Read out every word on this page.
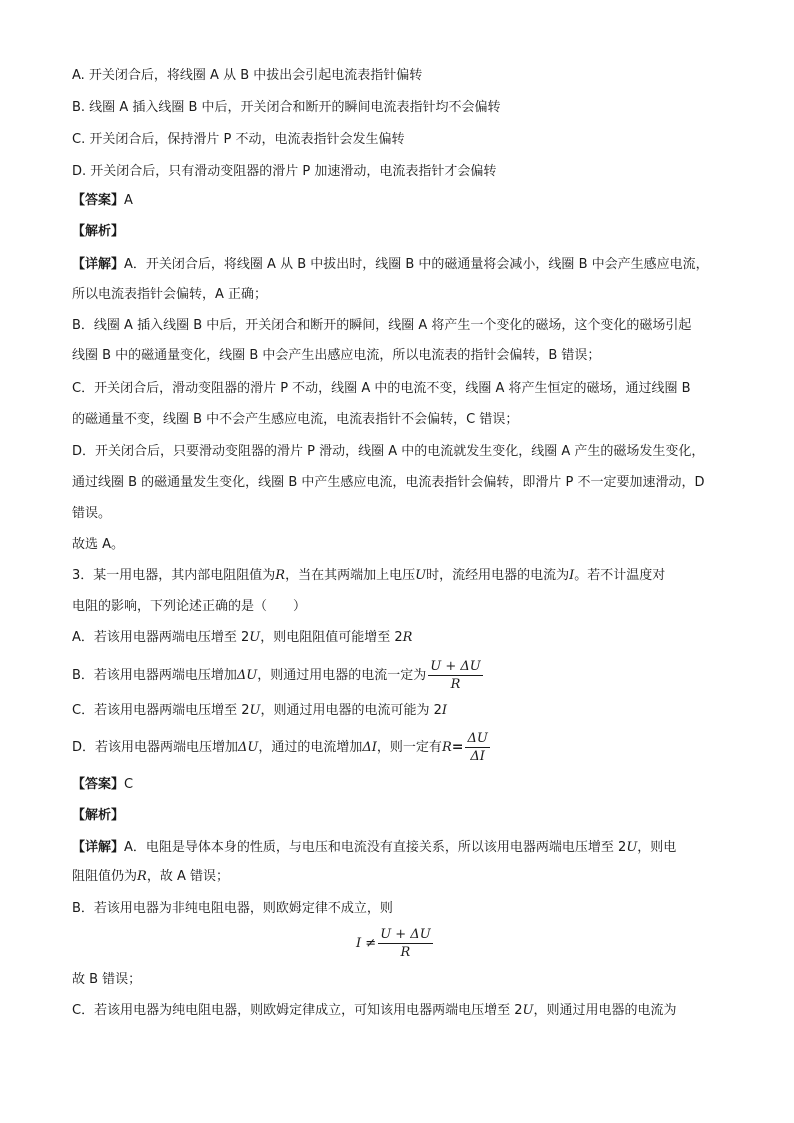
A. 开关闭合后，将线圈 A 从 B 中拔出会引起电流表指针偏转
B. 线圈 A 插入线圈 B 中后，开关闭合和断开的瞬间电流表指针均不会偏转
C. 开关闭合后，保持滑片 P 不动，电流表指针会发生偏转
D. 开关闭合后，只有滑动变阻器的滑片 P 加速滑动，电流表指针才会偏转
【答案】A
【解析】
【详解】A．开关闭合后，将线圈 A 从 B 中拔出时，线圈 B 中的磁通量将会减小，线圈 B 中会产生感应电流，
所以电流表指针会偏转，A 正确；
B．线圈 A 插入线圈 B 中后，开关闭合和断开的瞬间，线圈 A 将产生一个变化的磁场，这个变化的磁场引起
线圈 B 中的磁通量变化，线圈 B 中会产生出感应电流，所以电流表的指针会偏转，B 错误；
C．开关闭合后，滑动变阻器的滑片 P 不动，线圈 A 中的电流不变，线圈 A 将产生恒定的磁场，通过线圈 B
的磁通量不变，线圈 B 中不会产生感应电流，电流表指针不会偏转，C 错误；
D．开关闭合后，只要滑动变阻器的滑片 P 滑动，线圈 A 中的电流就发生变化，线圈 A 产生的磁场发生变化，
通过线圈 B 的磁通量发生变化，线圈 B 中产生感应电流，电流表指针会偏转，即滑片 P 不一定要加速滑动，D
错误。
故选 A。
3．某一用电器，其内部电阻阻值为R，当在其两端加上电压U时，流经用电器的电流为I。若不计温度对
电阻的影响，下列论述正确的是（　　）
A．若该用电器两端电压增至 2U，则电阻阻值可能增至 2R
B．若该用电器两端电压增加ΔU，则通过用电器的电流一定为 $\frac{U + \Delta U}{R}$
C．若该用电器两端电压增至 2U，则通过用电器的电流可能为 2I
D．若该用电器两端电压增加ΔU，通过的电流增加ΔI，则一定有$R= \frac{\Delta U}{\Delta I}$
【答案】C
【解析】
【详解】A．电阻是导体本身的性质，与电压和电流没有直接关系，所以该用电器两端电压增至 2U，则电
阻阻值仍为R，故 A 错误；
B．若该用电器为非纯电阻电器，则欧姆定律不成立，则
$I \ne \frac{U + \Delta U}{R}$
故 B 错误；
C．若该用电器为纯电阻电器，则欧姆定律成立，可知该用电器两端电压增至 2U，则通过用电器的电流为
